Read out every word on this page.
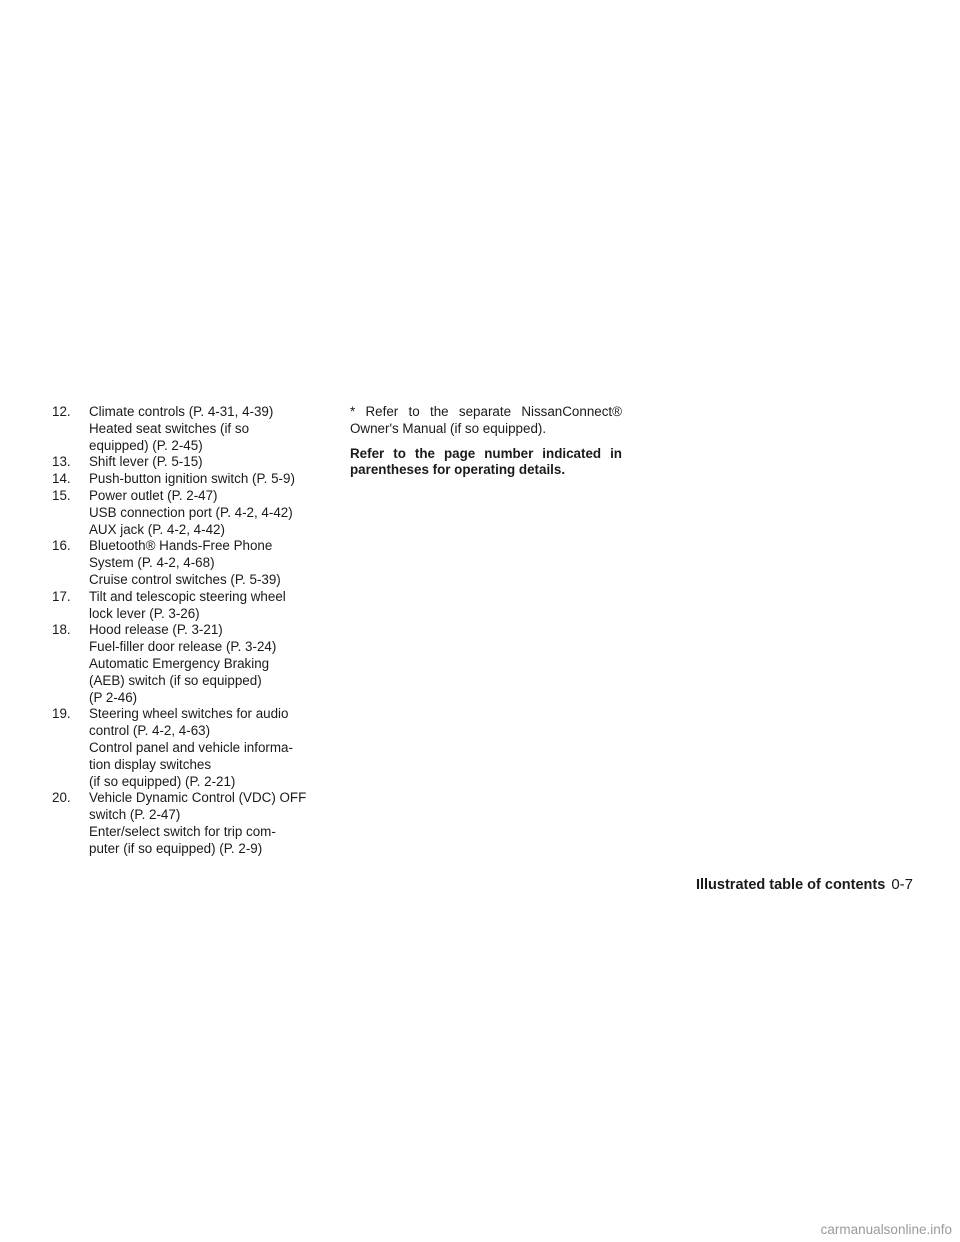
12.	Climate controls (P. 4-31, 4-39)
Heated seat switches (if so
equipped) (P. 2-45)
13.	Shift lever (P. 5-15)
14.	Push-button ignition switch (P. 5-9)
15.	Power outlet (P. 2-47)
USB connection port (P. 4-2, 4-42)
AUX jack (P. 4-2, 4-42)
16.	Bluetooth® Hands-Free Phone
System (P. 4-2, 4-68)
Cruise control switches (P. 5-39)
17.	Tilt and telescopic steering wheel
lock lever (P. 3-26)
18.	Hood release (P. 3-21)
Fuel-filler door release (P. 3-24)
Automatic Emergency Braking
(AEB) switch (if so equipped)
(P 2-46)
19.	Steering wheel switches for audio
control (P. 4-2, 4-63)
Control panel and vehicle informa-
tion display switches
(if so equipped) (P. 2-21)
20.	Vehicle Dynamic Control (VDC) OFF
switch (P. 2-47)
Enter/select switch for trip com-
puter (if so equipped) (P. 2-9)
* Refer to the separate NissanConnect®
Owner's Manual (if so equipped).
Refer to the page number indicated in
parentheses for operating details.
Illustrated table of contents 0-7
carmanualsonline.info
